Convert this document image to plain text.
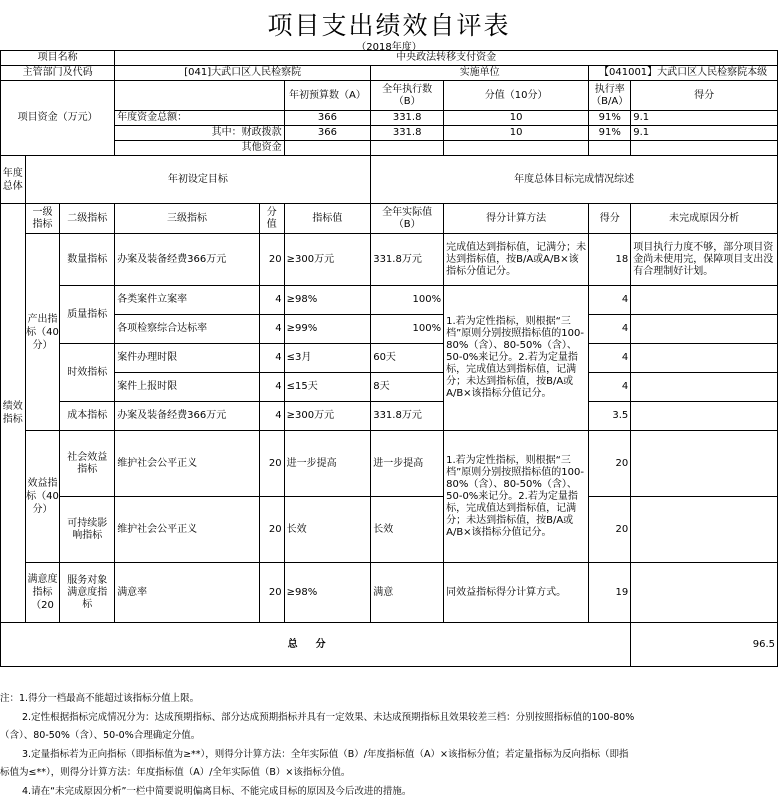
项目支出绩效自评表
（2018年度）
项目名称			中央政法转移支付资金						
主管部门及代码			[041]大武口区人民检察院			实施单位		【041001】大武口区人民检察院本级	
项目资金（万元）					年初预算数（A）	全年执行数（B）	分值（10分）	执行率（B/A）	得分
			年度资金总额：		366	331.8	10	91%	9.1
			其中：财政拨款		366	331.8	10	91%	9.1
			其他资金						
年度总体	年初设定目标					年度总体目标完成情况综述			
绩效指标	一级指标	二级指标	三级指标	分值	指标值	全年实际值（B）	得分计算方法	得分	未完成原因分析
	产出指标（40分）	数量指标	办案及装备经费366万元	20	≥300万元	331.8万元	完成值达到指标值，记满分；未达到指标值，按B/A或A/B×该指标分值记分。	18	项目执行力度不够，部分项目资金尚未使用完，保障项目支出没有合理制好计划。
		质量指标	各类案件立案率	4	≥98%	100%	1.若为定性指标，则根据“三档”原则分别按照指标值的100-80%（含）、80-50%（含）、50-0%来记分。2.若为定量指标，完成值达到指标值，记满分；未达到指标值，按B/A或A/B×该指标分值记分。	4	
			各项检察综合达标率	4	≥99%	100%		4	
		时效指标	案件办理时限	4	≤3月	60天		4	
			案件上报时限	4	≤15天	8天		4	
		成本指标	办案及装备经费366万元	4	≥300万元	331.8万元		3.5	
	效益指标（40分）	社会效益指标	维护社会公平正义	20	进一步提高	进一步提高	1.若为定性指标，则根据“三档”原则分别按照指标值的100-80%（含）、80-50%（含）、50-0%来记分。2.若为定量指标，完成值达到指标值，记满分；未达到指标值，按B/A或A/B×该指标分值记分。	20	
		可持续影响指标	维护社会公平正义	20	长效	长效		20	
	满意度指标（20	服务对象满意度指标	满意率	20	≥98%	满意	同效益指标得分计算方式。	19	
总分									96.5
注：1.得分一档最高不能超过该指标分值上限。
2.定性根据指标完成情况分为：达成预期指标、部分达成预期指标并具有一定效果、未达成预期指标且效果较差三档：分别按照指标值的100-80%
（含）、80-50%（含）、50-0%合理确定分值。
3.定量指标若为正向指标（即指标值为≥**），则得分计算方法：全年实际值（B）/年度指标值（A）×该指标分值；若定量指标为反向指标（即指
标值为≤**），则得分计算方法：年度指标值（A）/全年实际值（B）×该指标分值。
4.请在“未完成原因分析”一栏中简要说明偏离目标、不能完成目标的原因及今后改进的措施。
